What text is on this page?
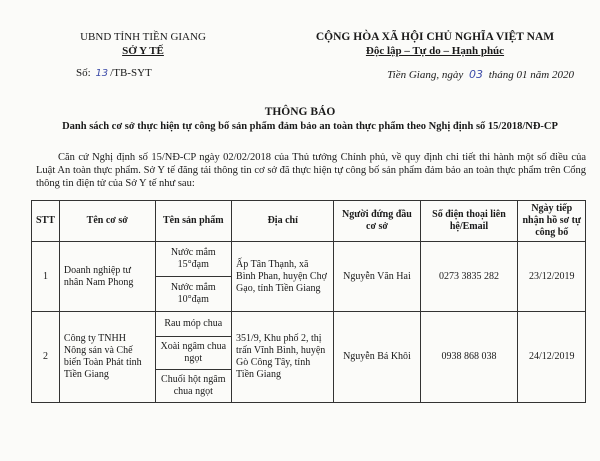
UBND TỈNH TIỀN GIANG
SỞ Y TẾ
Số: 13 /TB-SYT
CỘNG HÒA XÃ HỘI CHỦ NGHĨA VIỆT NAM
Độc lập – Tự do – Hạnh phúc
Tiền Giang, ngày 03 tháng 01 năm 2020
THÔNG BÁO
Danh sách cơ sở thực hiện tự công bố sản phẩm đảm bảo an toàn thực phẩm theo Nghị định số 15/2018/NĐ-CP

Căn cứ Nghị định số 15/NĐ-CP ngày 02/02/2018 của Thủ tướng Chính phủ, về quy định chi tiết thi hành một số điều của Luật An toàn thực phẩm. Sở Y tế đăng tải thông tin cơ sở đã thực hiện tự công bố sản phẩm đảm bảo an toàn thực phẩm trên Cổng thông tin điện tử của Sở Y tế như sau:

STT	Tên cơ sở	Tên sản phẩm	Địa chỉ	Người đứng đầu cơ sở	Số điện thoại liên hệ/Email	Ngày tiếp nhận hồ sơ tự công bố
1	Doanh nghiệp tư nhân Nam Phong	Nước mắm 15°đạm	Ấp Tân Thạnh, xã Bình Phan, huyện Chợ Gạo, tỉnh Tiền Giang	Nguyễn Văn Hai	0273 3835 282	23/12/2019
		Nước mắm 10°đạm				
2	Công ty TNHH Nông sản và Chế biến Toàn Phát tỉnh Tiền Giang	Rau móp chua	351/9, Khu phố 2, thị trấn Vĩnh Bình, huyện Gò Công Tây, tỉnh Tiền Giang	Nguyễn Bá Khôi	0938 868 038	24/12/2019
		Xoài ngâm chua ngọt				
		Chuối hột ngâm chua ngọt				
